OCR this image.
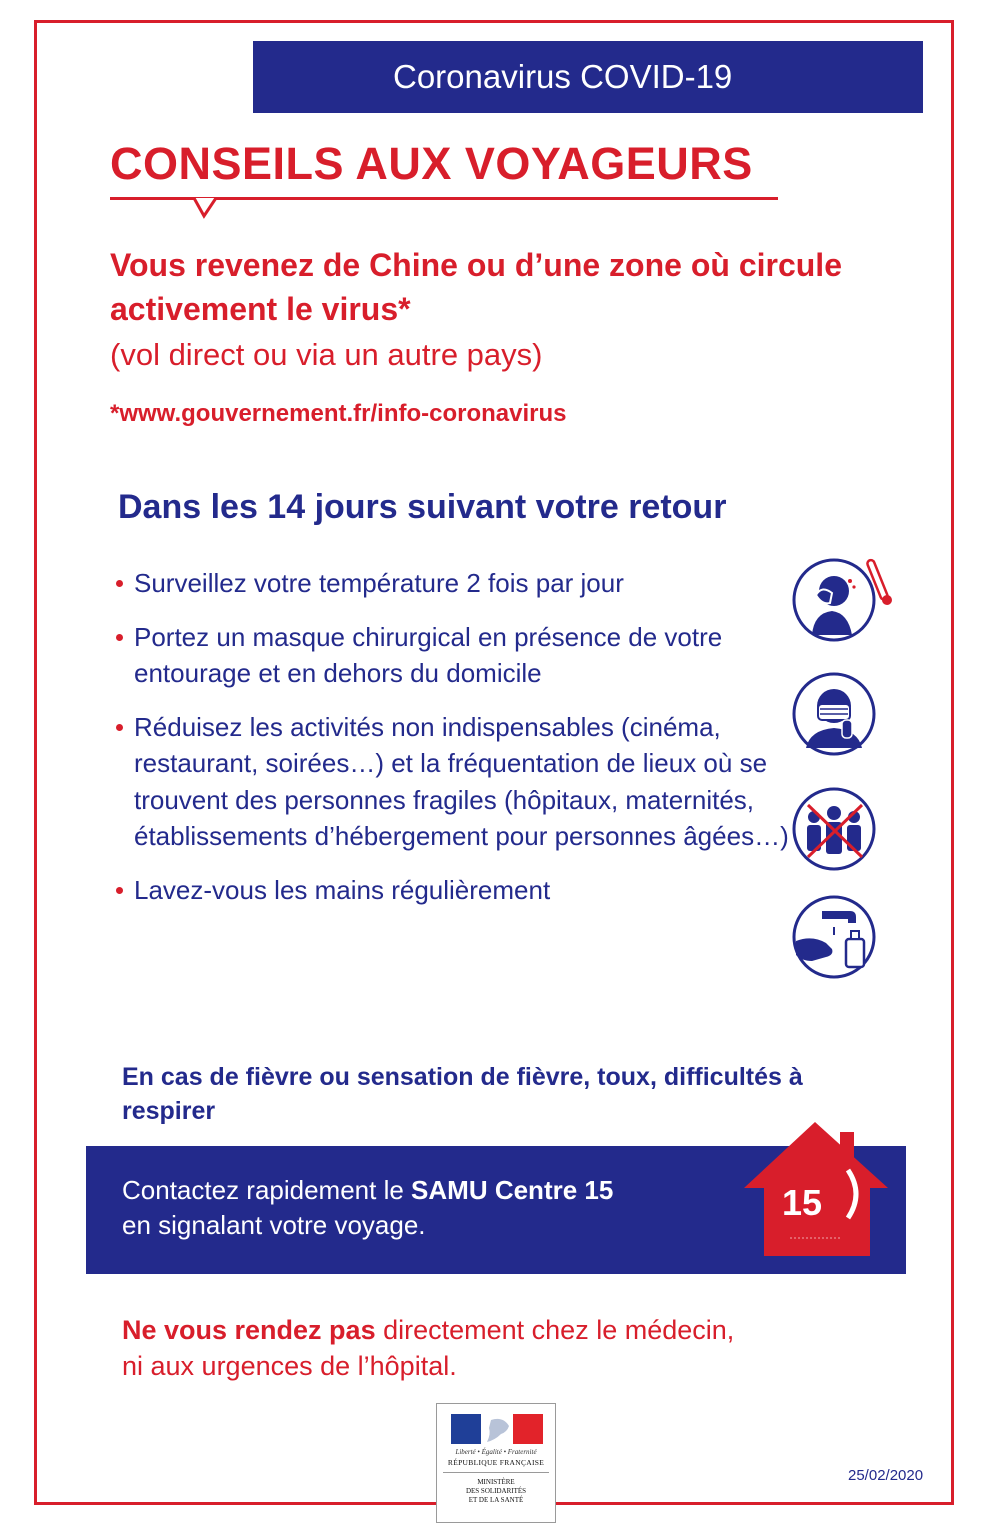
Coronavirus COVID-19
CONSEILS AUX VOYAGEURS
Vous revenez de Chine ou d’une zone où circule activement le virus*
(vol direct ou via un autre pays)
*www.gouvernement.fr/info-coronavirus
Dans les 14 jours suivant votre retour
Surveillez votre température 2 fois par jour
Portez un masque chirurgical en présence de votre entourage et en dehors du domicile
Réduisez les activités non indispensables (cinéma, restaurant, soirées…) et la fréquentation de lieux où se trouvent des personnes fragiles (hôpitaux, maternités, établissements d’hébergement pour personnes âgées…)
Lavez-vous les mains régulièrement
En cas de fièvre ou sensation de fièvre, toux, difficultés à respirer
Contactez rapidement le SAMU Centre 15
en signalant votre voyage.
15
Ne vous rendez pas directement chez le médecin,
ni aux urgences de l’hôpital.
Liberté • Égalité • Fraternité
RÉPUBLIQUE FRANÇAISE
MINISTÈRE
DES SOLIDARITÉS
ET DE LA SANTÉ
25/02/2020
